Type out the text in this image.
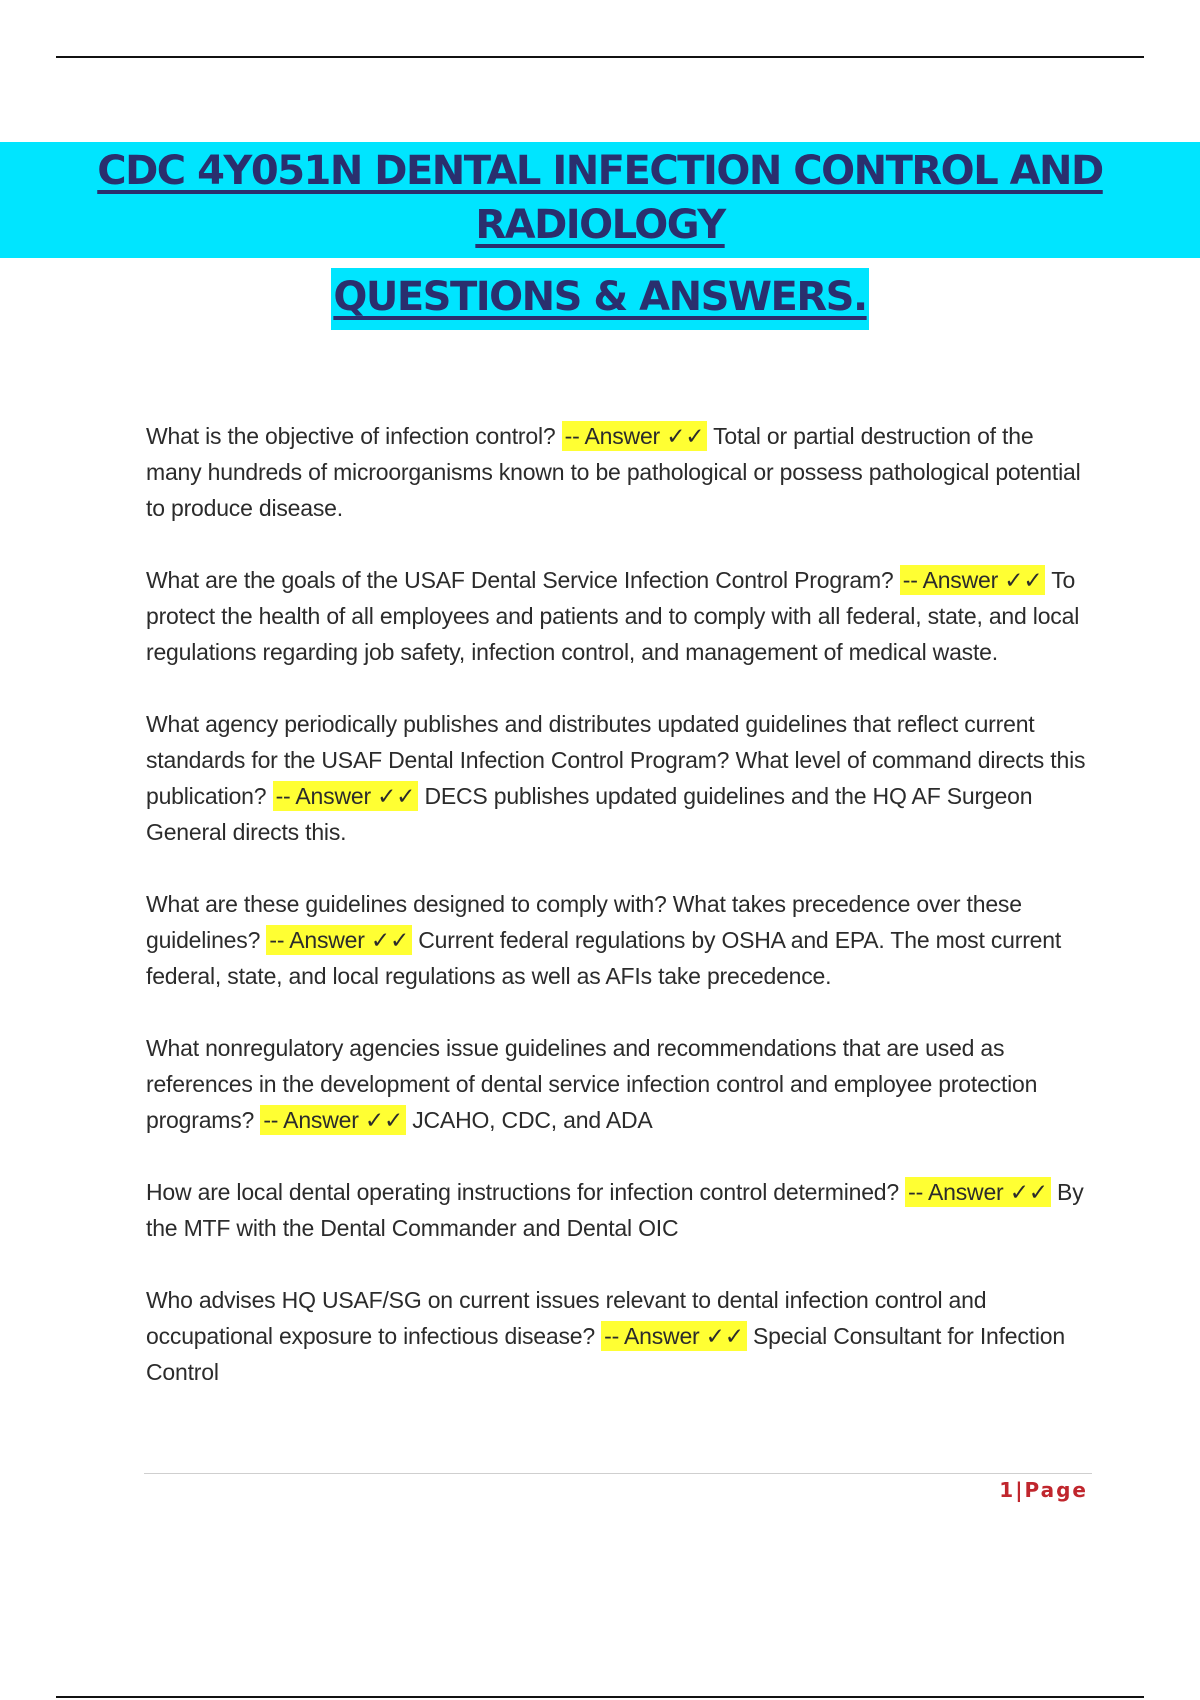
CDC 4Y051N DENTAL INFECTION CONTROL AND RADIOLOGY
QUESTIONS & ANSWERS.

What is the objective of infection control? -- Answer ✓✓ Total or partial destruction of the many hundreds of microorganisms known to be pathological or possess pathological potential to produce disease.

What are the goals of the USAF Dental Service Infection Control Program? -- Answer ✓✓ To protect the health of all employees and patients and to comply with all federal, state, and local regulations regarding job safety, infection control, and management of medical waste.

What agency periodically publishes and distributes updated guidelines that reflect current standards for the USAF Dental Infection Control Program? What level of command directs this publication? -- Answer ✓✓ DECS publishes updated guidelines and the HQ AF Surgeon General directs this.

What are these guidelines designed to comply with? What takes precedence over these guidelines? -- Answer ✓✓ Current federal regulations by OSHA and EPA. The most current federal, state, and local regulations as well as AFIs take precedence.

What nonregulatory agencies issue guidelines and recommendations that are used as references in the development of dental service infection control and employee protection programs? -- Answer ✓✓ JCAHO, CDC, and ADA

How are local dental operating instructions for infection control determined? -- Answer ✓✓ By the MTF with the Dental Commander and Dental OIC

Who advises HQ USAF/SG on current issues relevant to dental infection control and occupational exposure to infectious disease? -- Answer ✓✓ Special Consultant for Infection Control

1|Page
